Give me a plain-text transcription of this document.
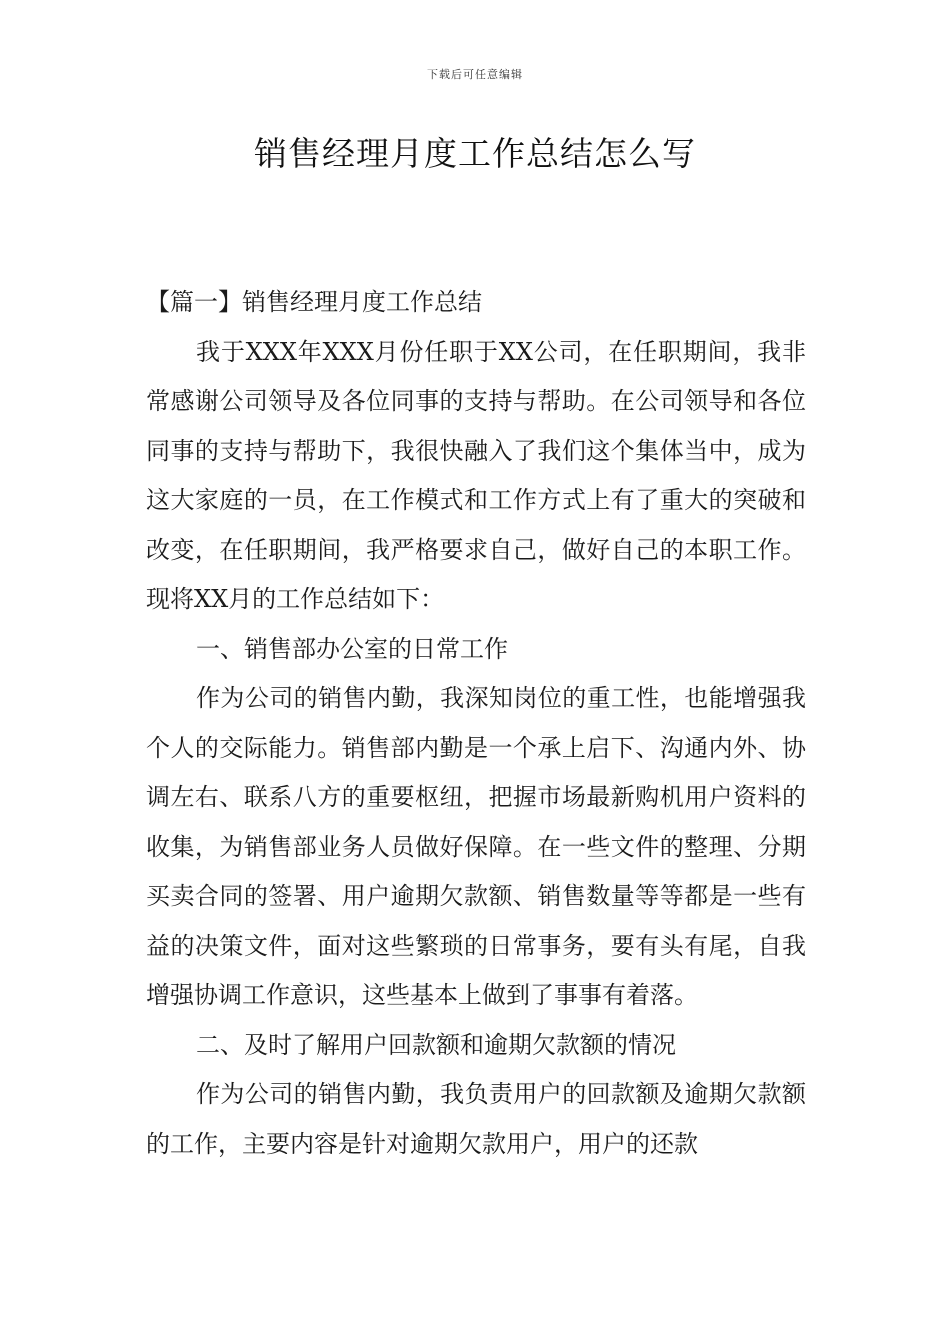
下载后可任意编辑
销售经理月度工作总结怎么写

【篇一】销售经理月度工作总结

我于XXX年XXX月份任职于XX公司，在任职期间，我非常感谢公司领导及各位同事的支持与帮助。在公司领导和各位同事的支持与帮助下，我很快融入了我们这个集体当中，成为这大家庭的一员，在工作模式和工作方式上有了重大的突破和改变，在任职期间，我严格要求自己，做好自己的本职工作。现将XX月的工作总结如下：

一、销售部办公室的日常工作

作为公司的销售内勤，我深知岗位的重工性，也能增强我个人的交际能力。销售部内勤是一个承上启下、沟通内外、协调左右、联系八方的重要枢纽，把握市场最新购机用户资料的收集，为销售部业务人员做好保障。在一些文件的整理、分期买卖合同的签署、用户逾期欠款额、销售数量等等都是一些有益的决策文件，面对这些繁琐的日常事务，要有头有尾，自我增强协调工作意识，这些基本上做到了事事有着落。

二、及时了解用户回款额和逾期欠款额的情况

作为公司的销售内勤，我负责用户的回款额及逾期欠款额的工作，主要内容是针对逾期欠款用户，用户的还款
